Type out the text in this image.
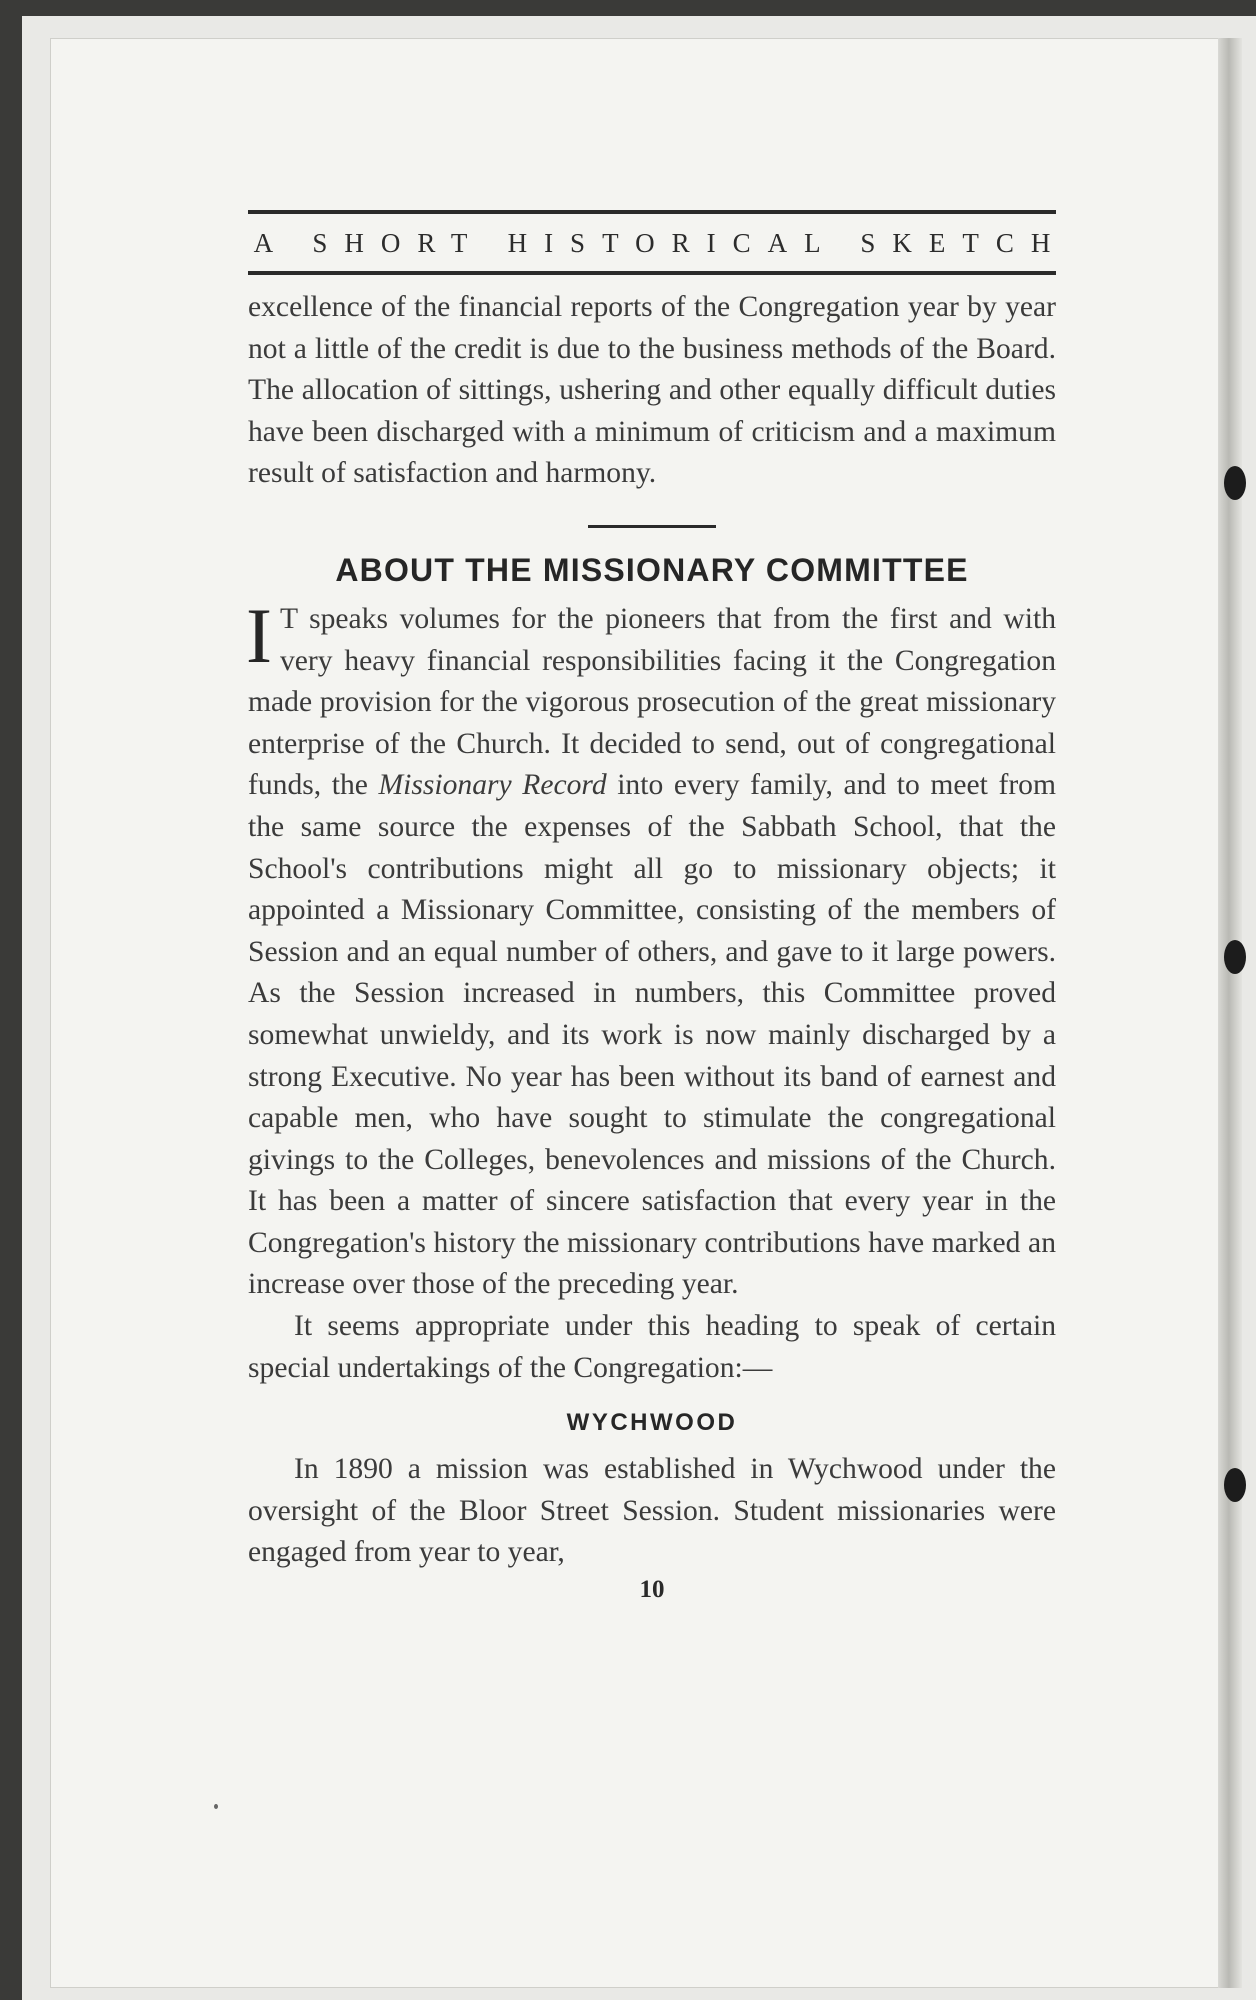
A SHORT HISTORICAL SKETCH

excellence of the financial reports of the Congregation year by year not a little of the credit is due to the business methods of the Board. The allocation of sittings, ushering and other equally difficult duties have been discharged with a minimum of criticism and a maximum result of satisfaction and harmony.

ABOUT THE MISSIONARY COMMITTEE
I T speaks volumes for the pioneers that from the first and with very heavy financial responsibilities facing it the Congregation made provision for the vigorous prosecution of the great missionary enterprise of the Church. It decided to send, out of congregational funds, the Missionary Record into every family, and to meet from the same source the expenses of the Sabbath School, that the School's contributions might all go to missionary objects; it appointed a Missionary Committee, consisting of the members of Session and an equal number of others, and gave to it large powers. As the Session increased in numbers, this Committee proved somewhat unwieldy, and its work is now mainly discharged by a strong Executive. No year has been without its band of earnest and capable men, who have sought to stimulate the congregational givings to the Colleges, benevolences and missions of the Church. It has been a matter of sincere satisfaction that every year in the Congregation's history the missionary contributions have marked an increase over those of the preceding year.

It seems appropriate under this heading to speak of certain special undertakings of the Congregation:—

WYCHWOOD

In 1890 a mission was established in Wychwood under the oversight of the Bloor Street Session. Student missionaries were engaged from year to year,

10
